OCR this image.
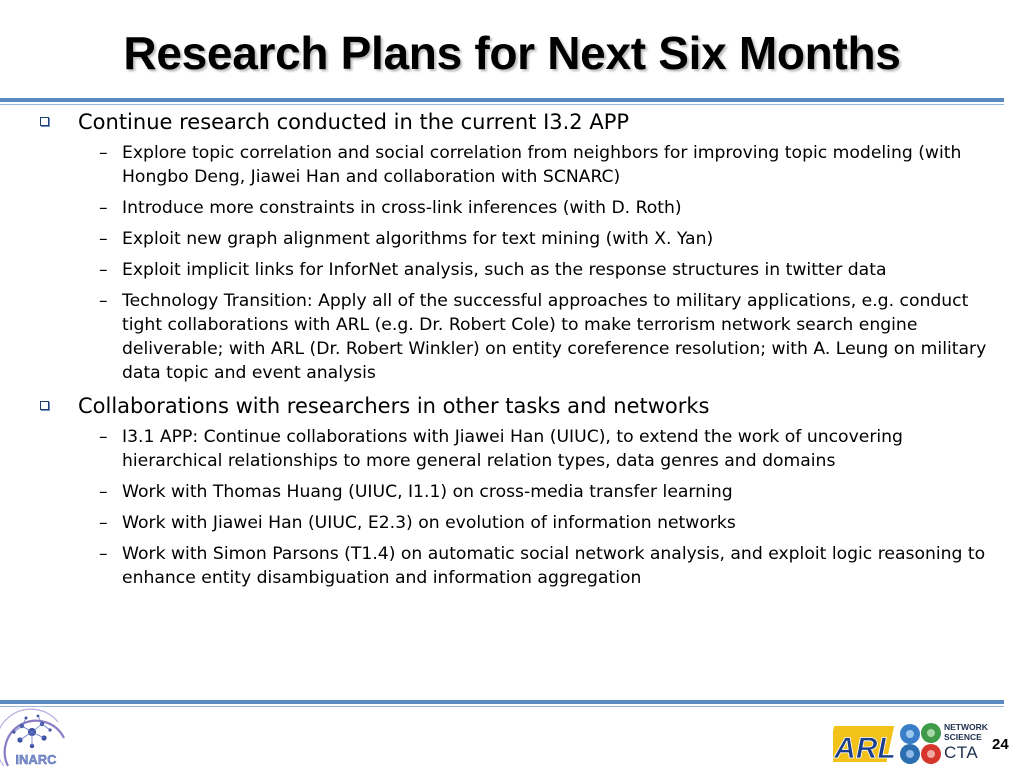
Research Plans for Next Six Months
Continue research conducted in the current I3.2 APP
– Explore topic correlation and social correlation from neighbors for improving topic modeling (with Hongbo Deng, Jiawei Han and collaboration with SCNARC)
– Introduce more constraints in cross-link inferences (with D. Roth)
– Exploit new graph alignment algorithms for text mining (with X. Yan)
– Exploit implicit links for InforNet analysis, such as the response structures in twitter data
– Technology Transition: Apply all of the successful approaches to military applications, e.g. conduct tight collaborations with ARL (e.g. Dr. Robert Cole) to make terrorism network search engine deliverable; with ARL (Dr. Robert Winkler) on entity coreference resolution; with A. Leung on military data topic and event analysis
Collaborations with researchers in other tasks and networks
– I3.1 APP: Continue collaborations with Jiawei Han (UIUC), to extend the work of uncovering hierarchical relationships to more general relation types, data genres and domains
– Work with Thomas Huang (UIUC, I1.1) on cross-media transfer learning
– Work with Jiawei Han (UIUC, E2.3) on evolution of information networks
– Work with Simon Parsons (T1.4) on automatic social network analysis, and exploit logic reasoning to enhance entity disambiguation and information aggregation
INARC	ARL
NETWORK
SCIENCE
CTA 24
